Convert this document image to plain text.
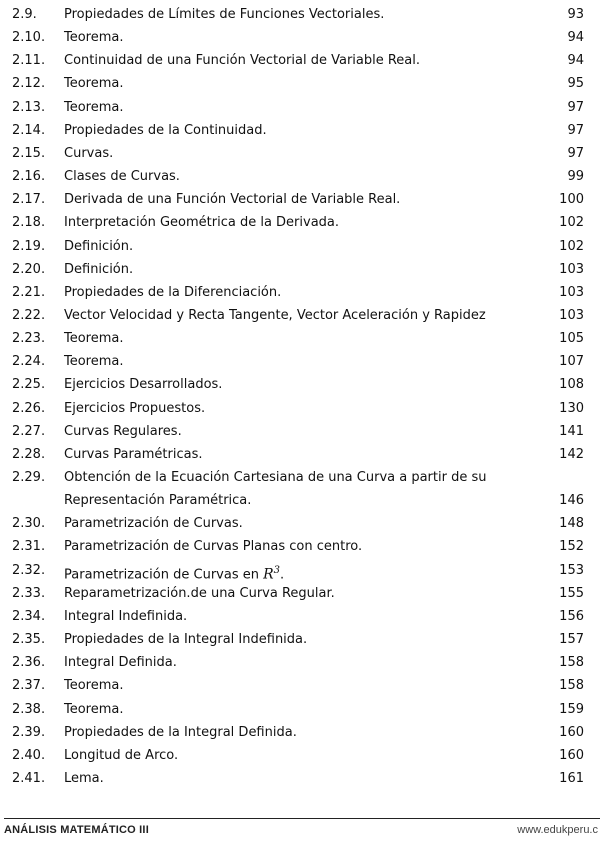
2.9. Propiedades de Límites de Funciones Vectoriales.	93
2.10. Teorema.	94
2.11. Continuidad de una Función Vectorial de Variable Real.	94
2.12. Teorema.	95
2.13. Teorema.	97
2.14. Propiedades de la Continuidad.	97
2.15. Curvas.	97
2.16. Clases de Curvas.	99
2.17. Derivada de una Función Vectorial de Variable Real.	100
2.18. Interpretación Geométrica de la Derivada.	102
2.19. Definición.	102
2.20. Definición.	103
2.21. Propiedades de la Diferenciación.	103
2.22. Vector Velocidad y Recta Tangente, Vector Aceleración y Rapidez	103
2.23. Teorema.	105
2.24. Teorema.	107
2.25. Ejercicios Desarrollados.	108
2.26. Ejercicios Propuestos.	130
2.27. Curvas Regulares.	141
2.28. Curvas Paramétricas.	142
2.29. Obtención de la Ecuación Cartesiana de una Curva a partir de su
Representación Paramétrica.	146
2.30. Parametrización de Curvas.	148
2.31. Parametrización de Curvas Planas con centro.	152
2.32. Parametrización de Curvas en $R^3$.	153
2.33. Reparametrización.de una Curva Regular.	155
2.34. Integral Indefinida.	156
2.35. Propiedades de la Integral Indefinida.	157
2.36. Integral Definida.	158
2.37. Teorema.	158
2.38. Teorema.	159
2.39. Propiedades de la Integral Definida.	160
2.40. Longitud de Arco.	160
2.41. Lema.	161
ANÁLISIS MATEMÁTICO III	www.edukperu.c
